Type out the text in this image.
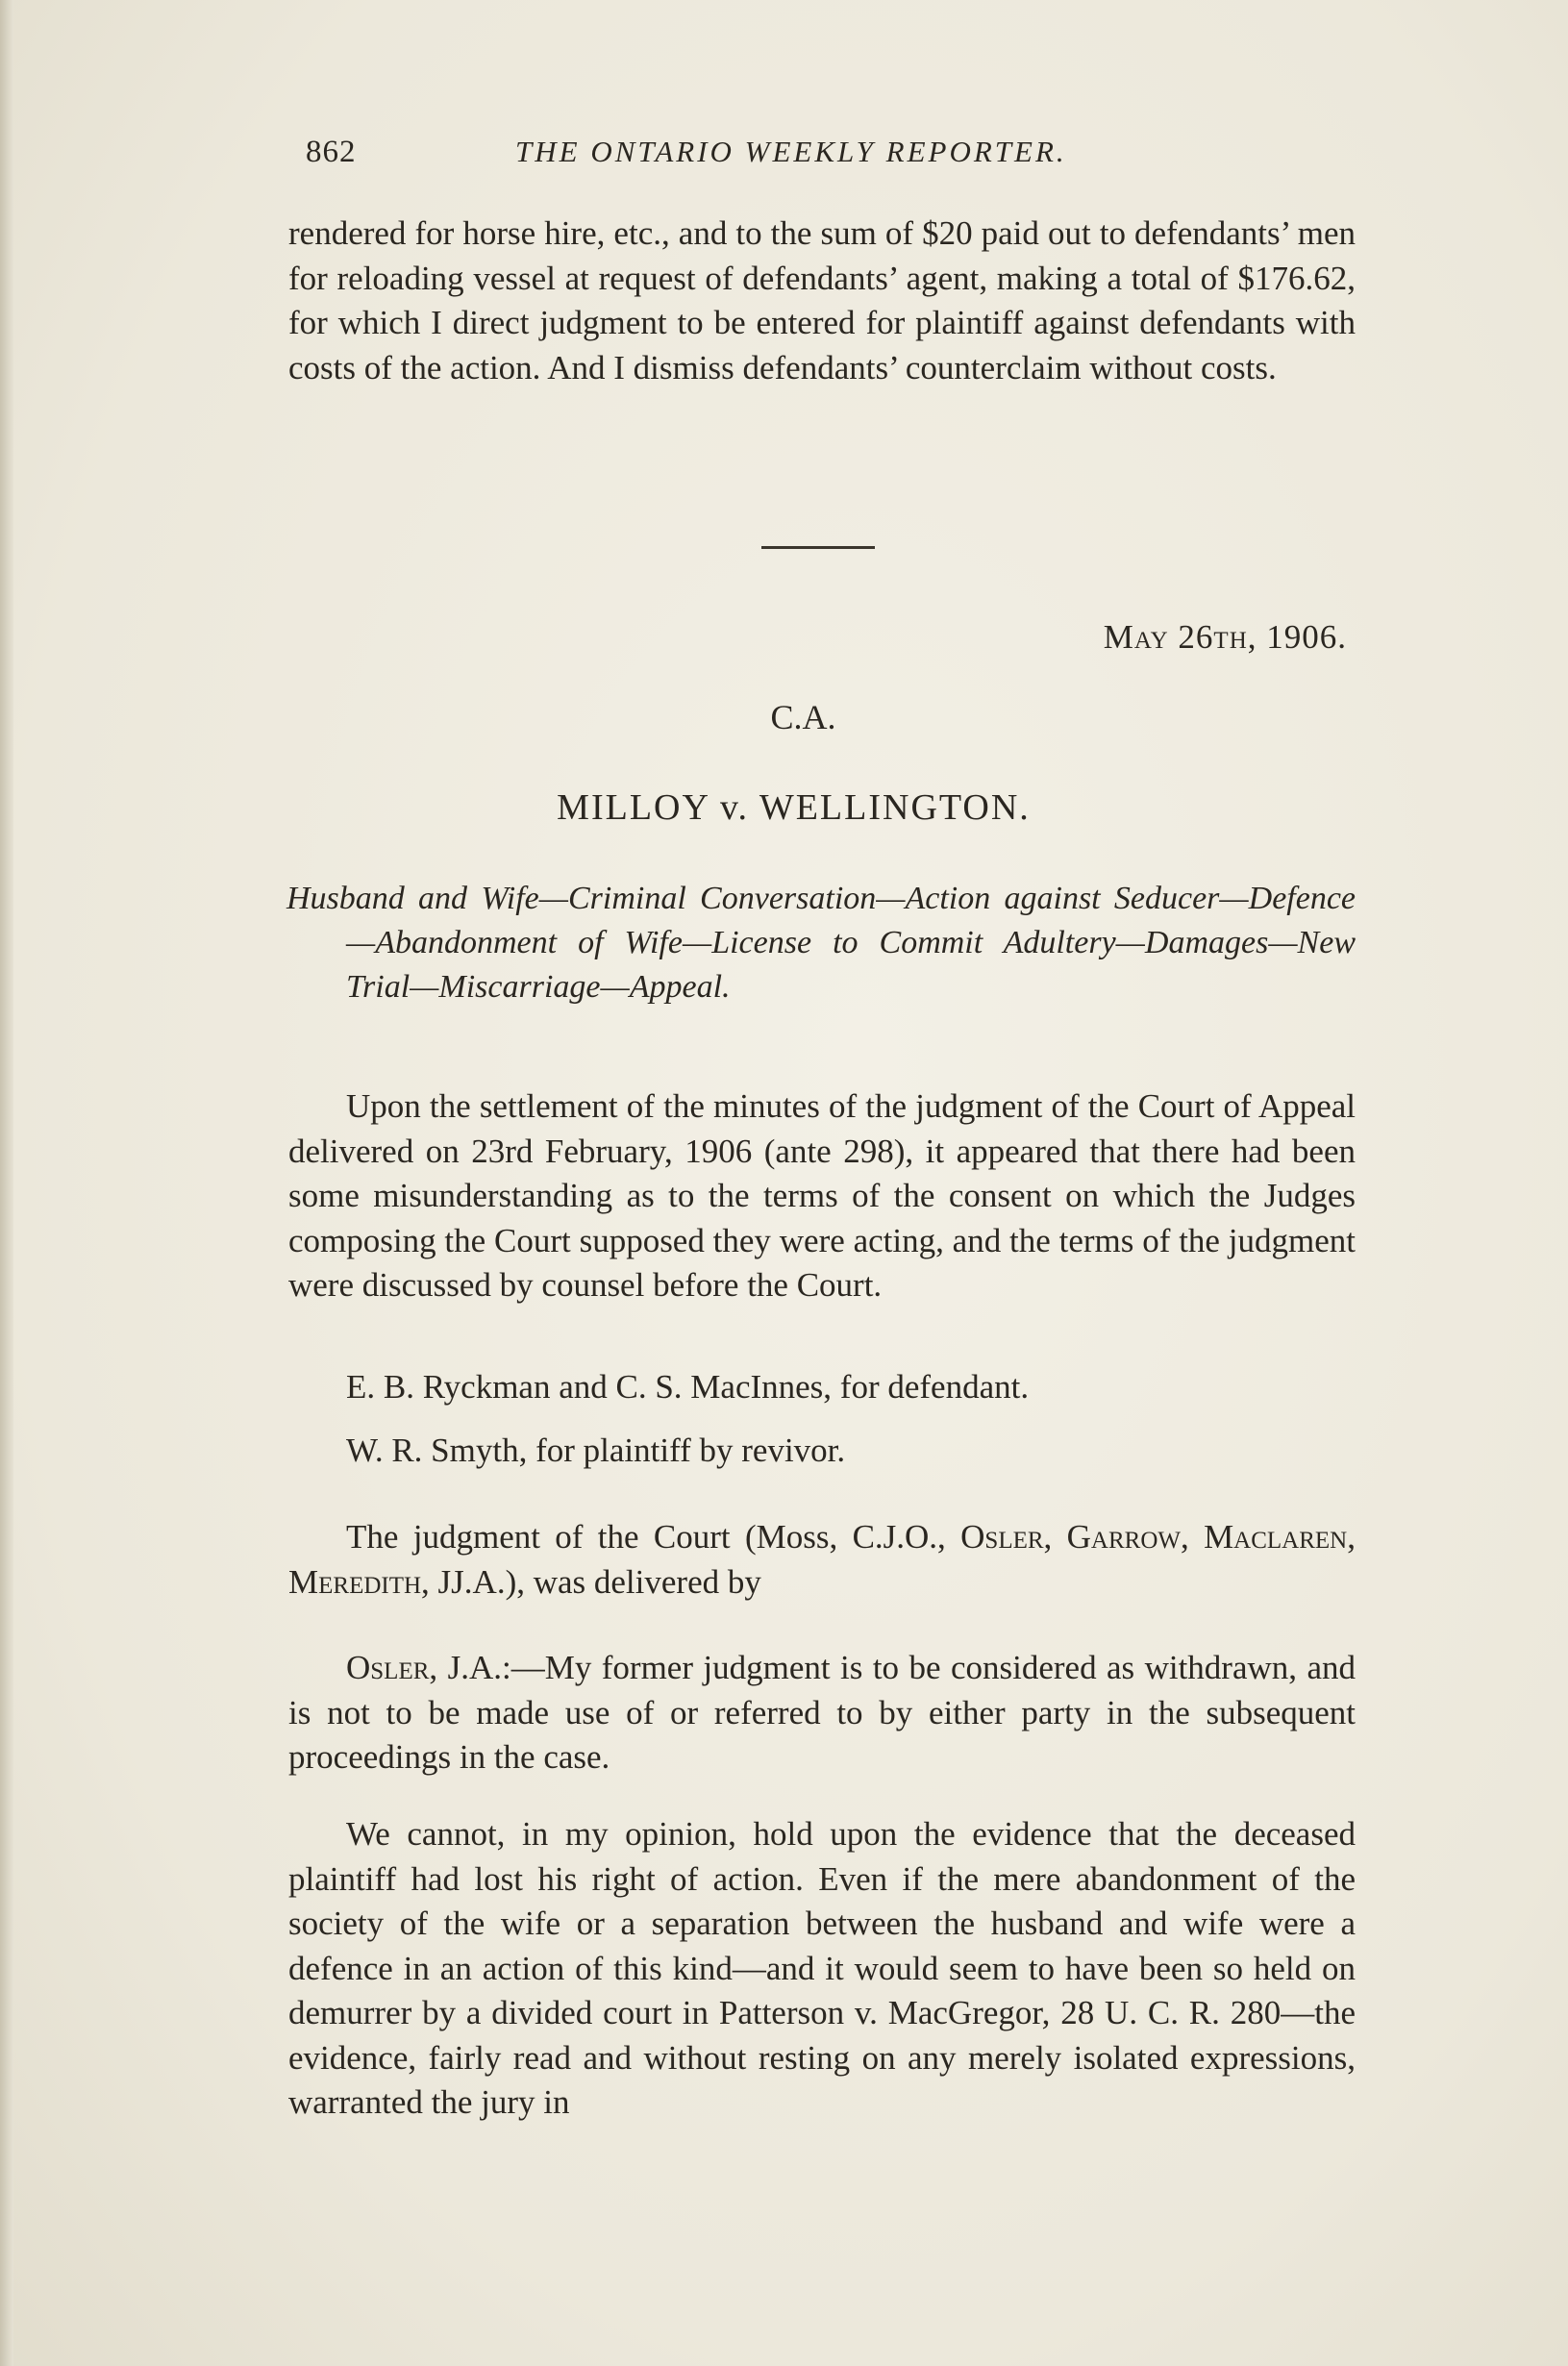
862	THE ONTARIO WEEKLY REPORTER.

rendered for horse hire, etc., and to the sum of $20 paid out to defendants’ men for reloading vessel at request of defendants’ agent, making a total of $176.62, for which I direct judgment to be entered for plaintiff against defendants with costs of the action. And I dismiss defendants’ counterclaim without costs.

May 26th, 1906.
C.A.
MILLOY v. WELLINGTON.
Husband and Wife—Criminal Conversation—Action against Seducer—Defence—Abandonment of Wife—License to Commit Adultery—Damages—New Trial—Miscarriage—Appeal.

Upon the settlement of the minutes of the judgment of the Court of Appeal delivered on 23rd February, 1906 (ante 298), it appeared that there had been some misunderstanding as to the terms of the consent on which the Judges composing the Court supposed they were acting, and the terms of the judgment were discussed by counsel before the Court.

E. B. Ryckman and C. S. MacInnes, for defendant.

W. R. Smyth, for plaintiff by revivor.

The judgment of the Court (Moss, C.J.O., Osler, Garrow, Maclaren, Meredith, JJ.A.), was delivered by

Osler, J.A.:—My former judgment is to be considered as withdrawn, and is not to be made use of or referred to by either party in the subsequent proceedings in the case.

We cannot, in my opinion, hold upon the evidence that the deceased plaintiff had lost his right of action. Even if the mere abandonment of the society of the wife or a separation between the husband and wife were a defence in an action of this kind—and it would seem to have been so held on demurrer by a divided court in Patterson v. MacGregor, 28 U. C. R. 280—the evidence, fairly read and without resting on any merely isolated expressions, warranted the jury in
